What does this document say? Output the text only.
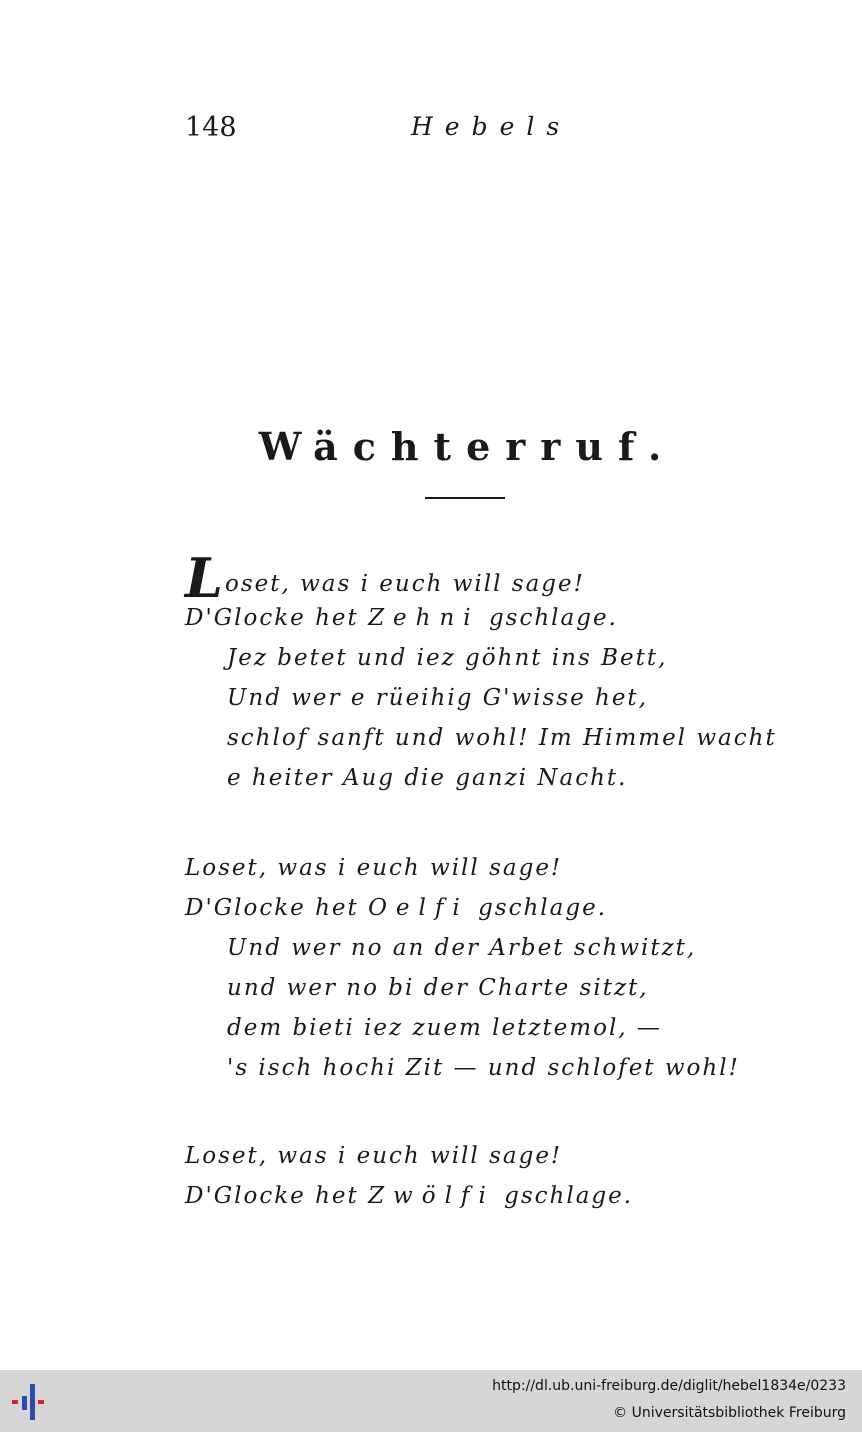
148	Hebels
Wächterruf.
Loset, was i euch will sage!
D'Glocke het Zehni gschlage.
Jez betet und iez göhnt ins Bett,
Und wer e rüeihig G'wisse het,
schlof sanft und wohl! Im Himmel wacht
e heiter Aug die ganzi Nacht.
Loset, was i euch will sage!
D'Glocke het Oelfi gschlage.
Und wer no an der Arbet schwitzt,
und wer no bi der Charte sitzt,
dem bieti iez zuem letztemol, —
's isch hochi Zit — und schlofet wohl!
Loset, was i euch will sage!
D'Glocke het Zwölfi gschlage.
http://dl.ub.uni-freiburg.de/diglit/hebel1834e/0233
© Universitätsbibliothek Freiburg
